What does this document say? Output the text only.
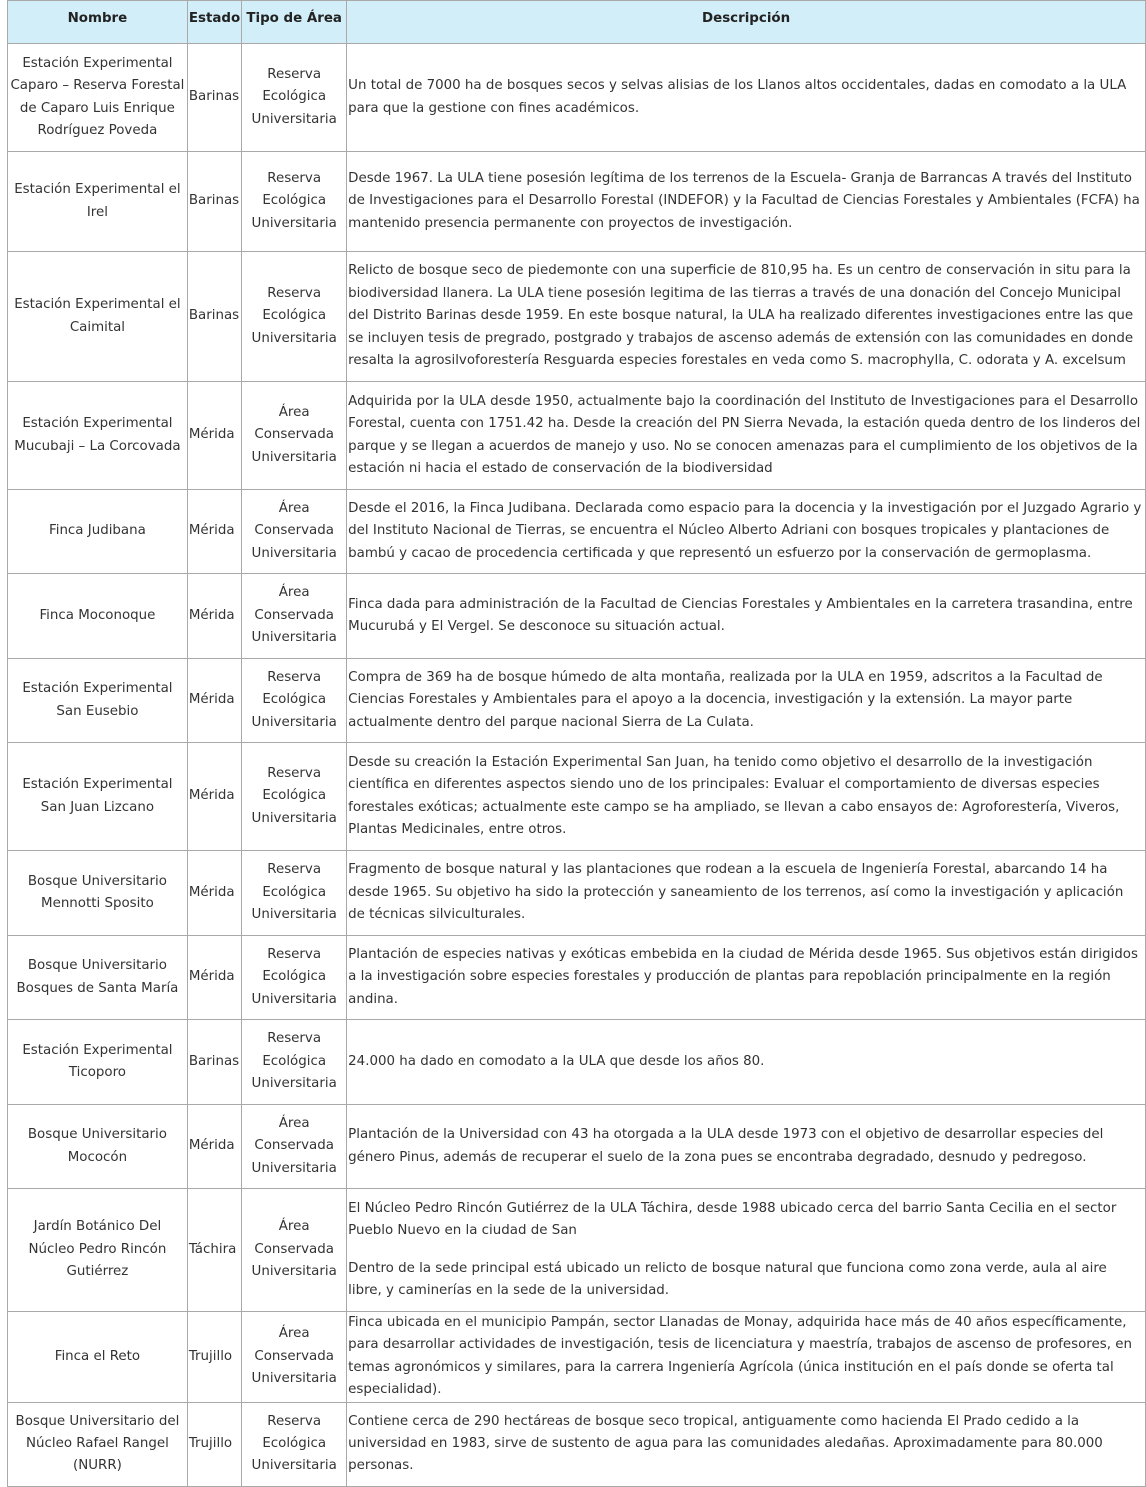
Nombre	Estado	Tipo de Área	Descripción
Estación Experimental Caparo – Reserva Forestal de Caparo Luis Enrique Rodríguez Poveda	Barinas	Reserva Ecológica Universitaria	Un total de 7000 ha de bosques secos y selvas alisias de los Llanos altos occidentales, dadas en comodato a la ULA para que la gestione con fines académicos.
Estación Experimental el Irel	Barinas	Reserva Ecológica Universitaria	Desde 1967. La ULA tiene posesión legítima de los terrenos de la Escuela- Granja de Barrancas A través del Instituto de Investigaciones para el Desarrollo Forestal (INDEFOR) y la Facultad de Ciencias Forestales y Ambientales (FCFA) ha mantenido presencia permanente con proyectos de investigación.
Estación Experimental el Caimital	Barinas	Reserva Ecológica Universitaria	Relicto de bosque seco de piedemonte con una superficie de 810,95 ha. Es un centro de conservación in situ para la biodiversidad llanera. La ULA tiene posesión legitima de las tierras a través de una donación del Concejo Municipal del Distrito Barinas desde 1959. En este bosque natural, la ULA ha realizado diferentes investigaciones entre las que se incluyen tesis de pregrado, postgrado y trabajos de ascenso además de extensión con las comunidades en donde resalta la agrosilvoforestería Resguarda especies forestales en veda como S. macrophylla, C. odorata y A. excelsum
Estación Experimental Mucubaji – La Corcovada	Mérida	Área Conservada Universitaria	Adquirida por la ULA desde 1950, actualmente bajo la coordinación del Instituto de Investigaciones para el Desarrollo Forestal, cuenta con 1751.42 ha. Desde la creación del PN Sierra Nevada, la estación queda dentro de los linderos del parque y se llegan a acuerdos de manejo y uso. No se conocen amenazas para el cumplimiento de los objetivos de la estación ni hacia el estado de conservación de la biodiversidad
Finca Judibana	Mérida	Área Conservada Universitaria	Desde el 2016, la Finca Judibana. Declarada como espacio para la docencia y la investigación por el Juzgado Agrario y del Instituto Nacional de Tierras, se encuentra el Núcleo Alberto Adriani con bosques tropicales y plantaciones de bambú y cacao de procedencia certificada y que representó un esfuerzo por la conservación de germoplasma.
Finca Moconoque	Mérida	Área Conservada Universitaria	Finca dada para administración de la Facultad de Ciencias Forestales y Ambientales en la carretera trasandina, entre Mucurubá y El Vergel. Se desconoce su situación actual.
Estación Experimental San Eusebio	Mérida	Reserva Ecológica Universitaria	Compra de 369 ha de bosque húmedo de alta montaña, realizada por la ULA en 1959, adscritos a la Facultad de Ciencias Forestales y Ambientales para el apoyo a la docencia, investigación y la extensión. La mayor parte actualmente dentro del parque nacional Sierra de La Culata.
Estación Experimental San Juan Lizcano	Mérida	Reserva Ecológica Universitaria	Desde su creación la Estación Experimental San Juan, ha tenido como objetivo el desarrollo de la investigación científica en diferentes aspectos siendo uno de los principales: Evaluar el comportamiento de diversas especies forestales exóticas; actualmente este campo se ha ampliado, se llevan a cabo ensayos de: Agroforestería, Viveros, Plantas Medicinales, entre otros.
Bosque Universitario Mennotti Sposito	Mérida	Reserva Ecológica Universitaria	Fragmento de bosque natural y las plantaciones que rodean a la escuela de Ingeniería Forestal, abarcando 14 ha desde 1965. Su objetivo ha sido la protección y saneamiento de los terrenos, así como la investigación y aplicación de técnicas silviculturales.
Bosque Universitario Bosques de Santa María	Mérida	Reserva Ecológica Universitaria	Plantación de especies nativas y exóticas embebida en la ciudad de Mérida desde 1965. Sus objetivos están dirigidos a la investigación sobre especies forestales y producción de plantas para repoblación principalmente en la región andina.
Estación Experimental Ticoporo	Barinas	Reserva Ecológica Universitaria	24.000 ha dado en comodato a la ULA que desde los años 80.
Bosque Universitario Mococón	Mérida	Área Conservada Universitaria	Plantación de la Universidad con 43 ha otorgada a la ULA desde 1973 con el objetivo de desarrollar especies del género Pinus, además de recuperar el suelo de la zona pues se encontraba degradado, desnudo y pedregoso.
Jardín Botánico Del Núcleo Pedro Rincón Gutiérrez	Táchira	Área Conservada Universitaria	El Núcleo Pedro Rincón Gutiérrez de la ULA Táchira, desde 1988 ubicado cerca del barrio Santa Cecilia en el sector Pueblo Nuevo en la ciudad de San
Dentro de la sede principal está ubicado un relicto de bosque natural que funciona como zona verde, aula al aire libre, y caminerías en la sede de la universidad.

Finca el Reto	Trujillo	Área Conservada Universitaria	Finca ubicada en el municipio Pampán, sector Llanadas de Monay, adquirida hace más de 40 años específicamente, para desarrollar actividades de investigación, tesis de licenciatura y maestría, trabajos de ascenso de profesores, en temas agronómicos y similares, para la carrera Ingeniería Agrícola (única institución en el país donde se oferta tal especialidad).
Bosque Universitario del Núcleo Rafael Rangel (NURR)	Trujillo	Reserva Ecológica Universitaria	Contiene cerca de 290 hectáreas de bosque seco tropical, antiguamente como hacienda El Prado cedido a la universidad en 1983, sirve de sustento de agua para las comunidades aledañas. Aproximadamente para 80.000 personas.
